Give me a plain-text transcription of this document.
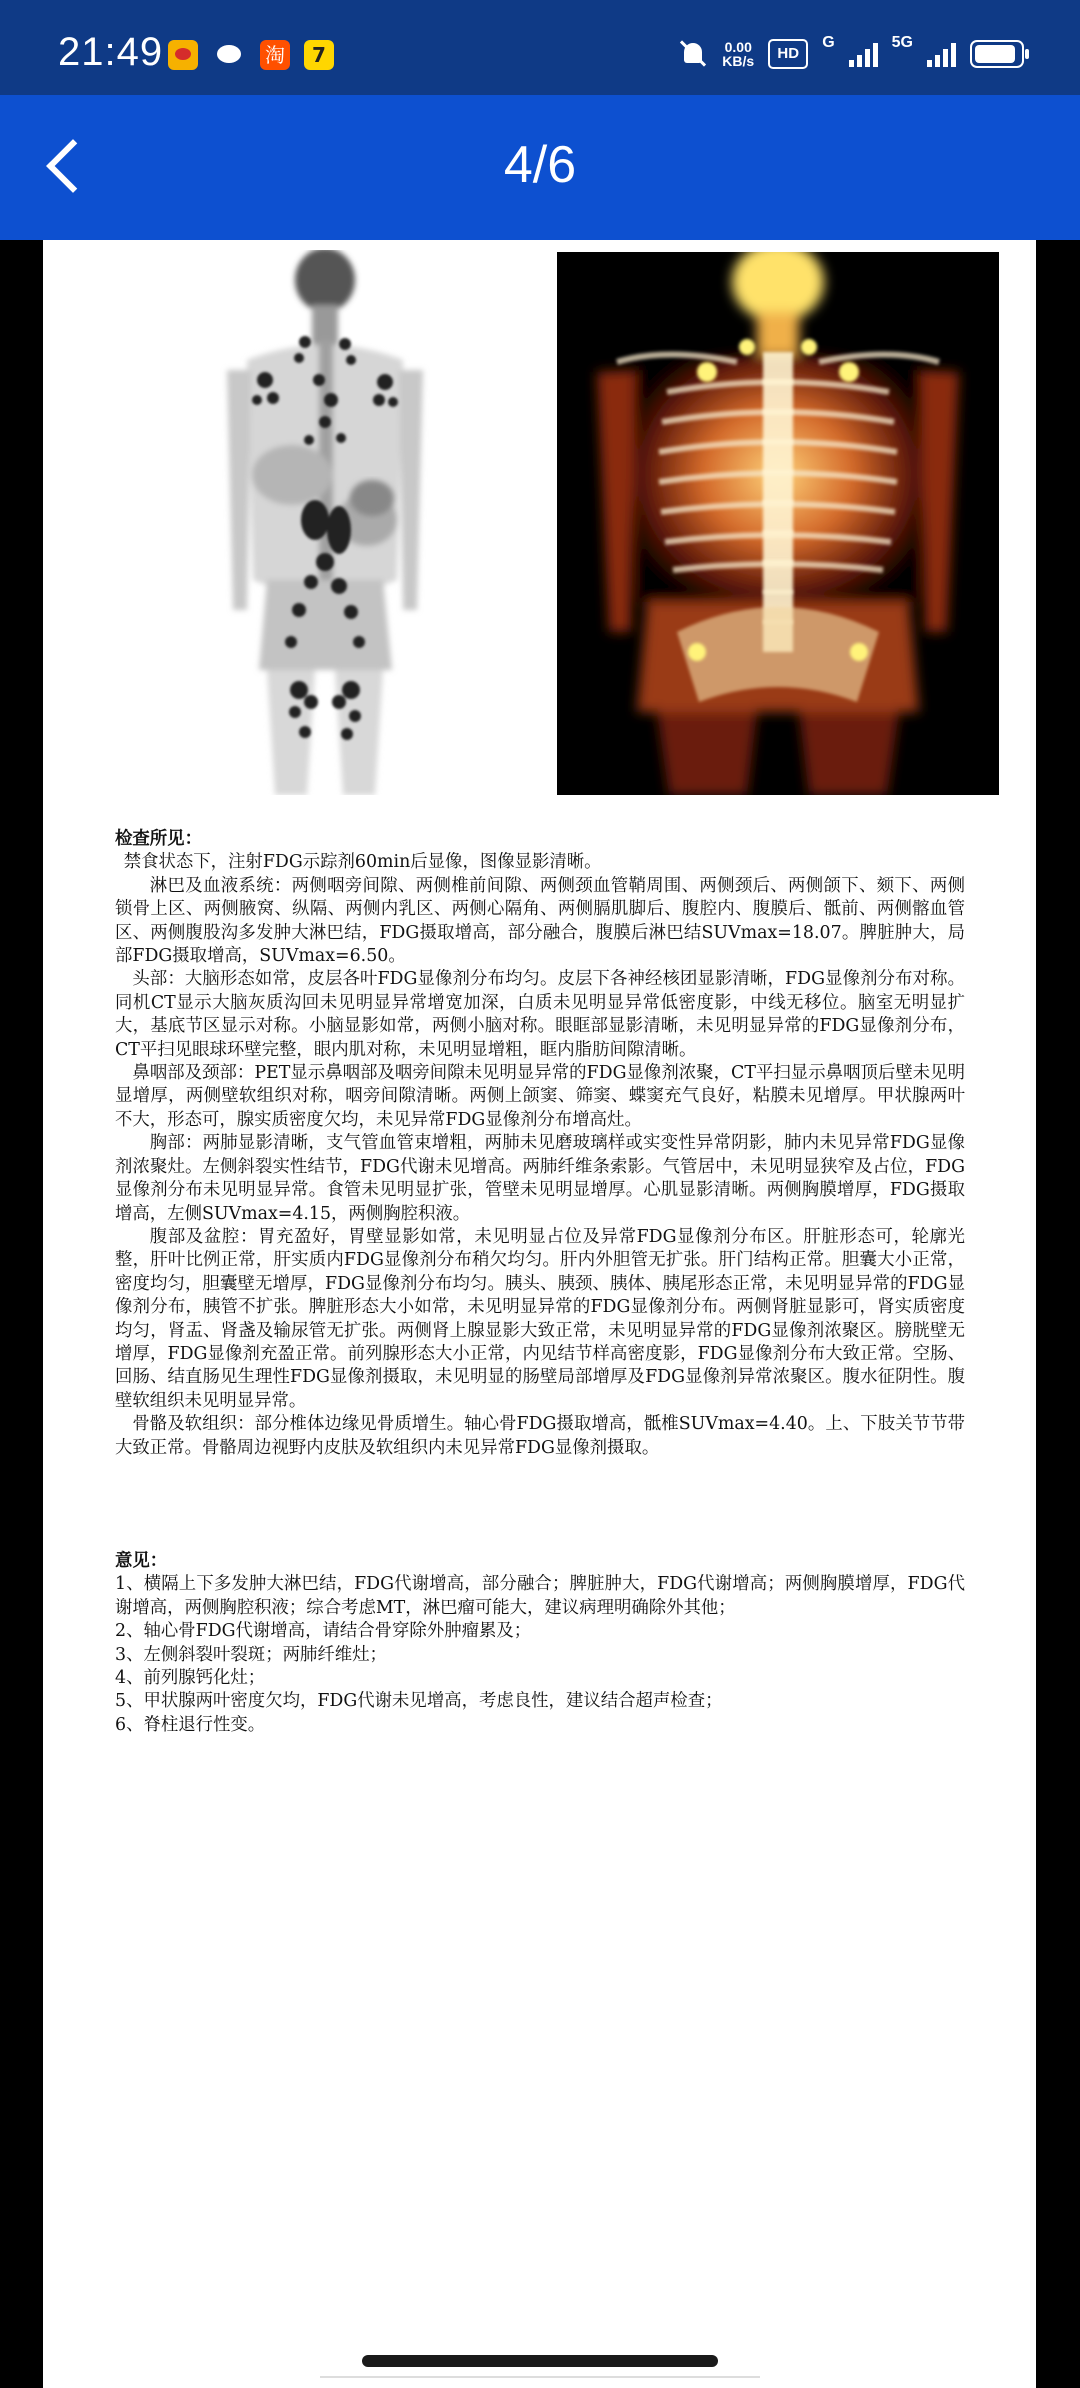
21:49	淘	7	0.00
KB/s	HD
G	5G
4/6

检查所见：

禁食状态下，注射FDG示踪剂60min后显像，图像显影清晰。

淋巴及血液系统：两侧咽旁间隙、两侧椎前间隙、两侧颈血管鞘周围、两侧颈后、两侧颌下、颏下、两侧锁骨上区、两侧腋窝、纵隔、两侧内乳区、两侧心隔角、两侧膈肌脚后、腹腔内、腹膜后、骶前、两侧髂血管区、两侧腹股沟多发肿大淋巴结，FDG摄取增高，部分融合，腹膜后淋巴结SUVmax=18.07。脾脏肿大，局部FDG摄取增高，SUVmax=6.50。

头部：大脑形态如常，皮层各叶FDG显像剂分布均匀。皮层下各神经核团显影清晰，FDG显像剂分布对称。同机CT显示大脑灰质沟回未见明显异常增宽加深，白质未见明显异常低密度影，中线无移位。脑室无明显扩大，基底节区显示对称。小脑显影如常，两侧小脑对称。眼眶部显影清晰，未见明显异常的FDG显像剂分布，CT平扫见眼球环壁完整，眼内肌对称，未见明显增粗，眶内脂肪间隙清晰。

鼻咽部及颈部：PET显示鼻咽部及咽旁间隙未见明显异常的FDG显像剂浓聚，CT平扫显示鼻咽顶后壁未见明显增厚，两侧壁软组织对称，咽旁间隙清晰。两侧上颌窦、筛窦、蝶窦充气良好，粘膜未见增厚。甲状腺两叶不大，形态可，腺实质密度欠均，未见异常FDG显像剂分布增高灶。

胸部：两肺显影清晰，支气管血管束增粗，两肺未见磨玻璃样或实变性异常阴影，肺内未见异常FDG显像剂浓聚灶。左侧斜裂实性结节，FDG代谢未见增高。两肺纤维条索影。气管居中，未见明显狭窄及占位，FDG显像剂分布未见明显异常。食管未见明显扩张，管壁未见明显增厚。心肌显影清晰。两侧胸膜增厚，FDG摄取增高，左侧SUVmax=4.15，两侧胸腔积液。

腹部及盆腔：胃充盈好，胃壁显影如常，未见明显占位及异常FDG显像剂分布区。肝脏形态可，轮廓光整，肝叶比例正常，肝实质内FDG显像剂分布稍欠均匀。肝内外胆管无扩张。肝门结构正常。胆囊大小正常，密度均匀，胆囊壁无增厚，FDG显像剂分布均匀。胰头、胰颈、胰体、胰尾形态正常，未见明显异常的FDG显像剂分布，胰管不扩张。脾脏形态大小如常，未见明显异常的FDG显像剂分布。两侧肾脏显影可，肾实质密度均匀，肾盂、肾盏及输尿管无扩张。两侧肾上腺显影大致正常，未见明显异常的FDG显像剂浓聚区。膀胱壁无增厚，FDG显像剂充盈正常。前列腺形态大小正常，内见结节样高密度影，FDG显像剂分布大致正常。空肠、回肠、结直肠见生理性FDG显像剂摄取，未见明显的肠壁局部增厚及FDG显像剂异常浓聚区。腹水征阴性。腹壁软组织未见明显异常。

骨骼及软组织：部分椎体边缘见骨质增生。轴心骨FDG摄取增高，骶椎SUVmax=4.40。上、下肢关节节带大致正常。骨骼周边视野内皮肤及软组织内未见异常FDG显像剂摄取。

意见：

1、横隔上下多发肿大淋巴结，FDG代谢增高，部分融合；脾脏肿大，FDG代谢增高；两侧胸膜增厚，FDG代谢增高，两侧胸腔积液；综合考虑MT，淋巴瘤可能大，建议病理明确除外其他；

2、轴心骨FDG代谢增高，请结合骨穿除外肿瘤累及；

3、左侧斜裂叶裂斑；两肺纤维灶；

4、前列腺钙化灶；

5、甲状腺两叶密度欠均，FDG代谢未见增高，考虑良性，建议结合超声检查；

6、脊柱退行性变。
